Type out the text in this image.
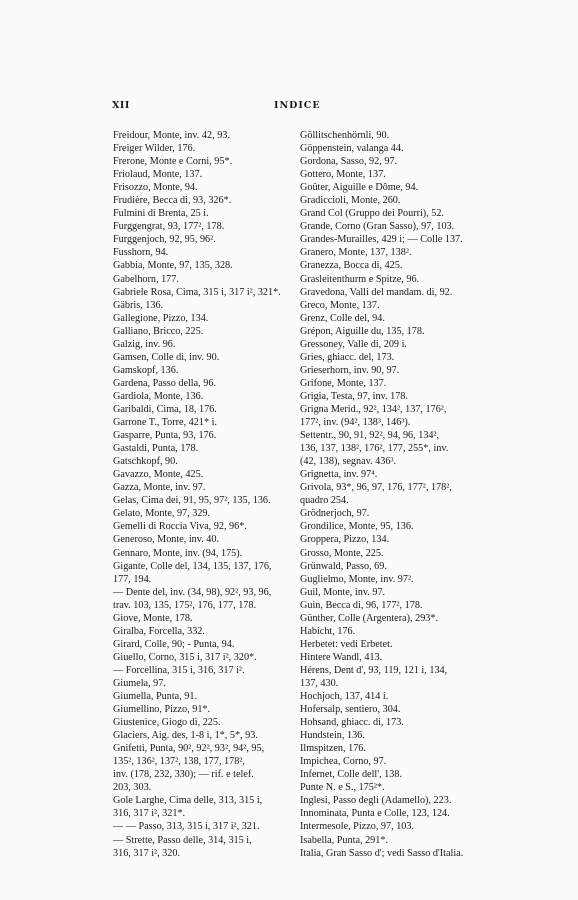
XII	INDICE
Freidour, Monte, inv. 42, 93.
Freiger Wilder, 176.
Frerone, Monte e Corni, 95*.
Friolaud, Monte, 137.
Frisozzo, Monte, 94.
Frudière, Becca di, 93, 326*.
Fulmini di Brenta, 25 i.
Furggengrat, 93, 177², 178.
Furggenjoch, 92, 95, 96².
Fusshorn, 94.
Gabbia, Monte, 97, 135, 328.
Gabelhorn, 177.
Gabriele Rosa, Cima, 315 i, 317 i², 321*.
Gäbris, 136.
Gallegione, Pizzo, 134.
Galliano, Bricco, 225.
Galzig, inv. 96.
Gamsen, Colle di, inv. 90.
Gamskopf, 136.
Gardena, Passo della, 96.
Gardiola, Monte, 136.
Garibaldi, Cima, 18, 176.
Garrone T., Torre, 421* i.
Gasparre, Punta, 93, 176.
Gastaldi, Punta, 178.
Gatschkopf, 90.
Gavazzo, Monte, 425.
Gazza, Monte, inv. 97.
Gelas, Cima dei, 91, 95, 97², 135, 136.
Gelato, Monte, 97, 329.
Gemelli di Roccia Viva, 92, 96*.
Generoso, Monte, inv. 40.
Gennaro, Monte, inv. (94, 175).
Gigante, Colle del, 134, 135, 137, 176,
177, 194.
— Dente del, inv. (34, 98), 92², 93, 96,
trav. 103, 135, 175², 176, 177, 178.
Giove, Monte, 178.
Giralba, Forcella, 332.
Girard, Colle, 90; - Punta, 94.
Giuello, Corno, 315 i, 317 i², 320*.
— Forcellina, 315 i, 316, 317 i².
Giumela, 97.
Giumella, Punta, 91.
Giumellino, Pizzo, 91*.
Giustenice, Giogo di, 225.
Glaciers, Aig. des, 1-8 i, 1*, 5*, 93.
Gnifetti, Punta, 90², 92², 93², 94², 95,
135², 136², 137², 138, 177, 178²,
inv. (178, 232, 330); — rif. e telef.
203, 303.
Gole Larghe, Cima delle, 313, 315 i,
316, 317 i², 321*.
— — Passo, 313, 315 i, 317 i², 321.
— Strette, Passo delle, 314, 315 i,
316, 317 i², 320.
Göllitschenhörnli, 90.
Göppenstein, valanga 44.
Gordona, Sasso, 92, 97.
Gottero, Monte, 137.
Goûter, Aiguille e Dôme, 94.
Gradiccioli, Monte, 260.
Grand Col (Gruppo dei Pourri), 52.
Grande, Corno (Gran Sasso), 97, 103.
Grandes-Murailles, 429 i; — Colle 137.
Granero, Monte, 137, 138².
Granezza, Bocca di, 425.
Grasleitenthurm e Spitze, 96.
Gravedona, Valli del mandam. di, 92.
Greco, Monte, 137.
Grenz, Colle del, 94.
Grépon, Aiguille du, 135, 178.
Gressoney, Valle di, 209 i.
Gries, ghiacc. del, 173.
Grieserhorn, inv. 90, 97.
Grifone, Monte, 137.
Grigia, Testa, 97, inv. 178.
Grigna Merid., 92², 134², 137, 176²,
177², inv. (94², 138³, 146³).
Settentr., 90, 91, 92², 94, 96, 134²,
136, 137, 138², 176², 177, 255*, inv.
(42, 138), segnav. 436³.
Grignetta, inv. 97⁴.
Grivola, 93*, 96, 97, 176, 177², 178²,
quadro 254.
Grödnerjoch, 97.
Grondilice, Monte, 95, 136.
Groppera, Pizzo, 134.
Grosso, Monte, 225.
Grünwald, Passo, 69.
Guglielmo, Monte, inv. 97².
Guil, Monte, inv. 97.
Guin, Becca di, 96, 177², 178.
Günther, Colle (Argentera), 293*.
Habicht, 176.
Herbetet: vedi Erbetet.
Hintere Wandl, 413.
Hérens, Dent d', 93, 119, 121 i, 134,
137, 430.
Hochjoch, 137, 414 i.
Hofersalp, sentiero, 304.
Hohsand, ghiacc. di, 173.
Hundstein, 136.
Ilmspitzen, 176.
Impichea, Corno, 97.
Infernet, Colle dell', 138.
Punte N. e S., 175²*.
Inglesi, Passo degli (Adamello), 223.
Innominata, Punta e Colle, 123, 124.
Intermesole, Pizzo, 97, 103.
Isabella, Punta, 291*.
Italia, Gran Sasso d'; vedi Sasso d'Italia.
